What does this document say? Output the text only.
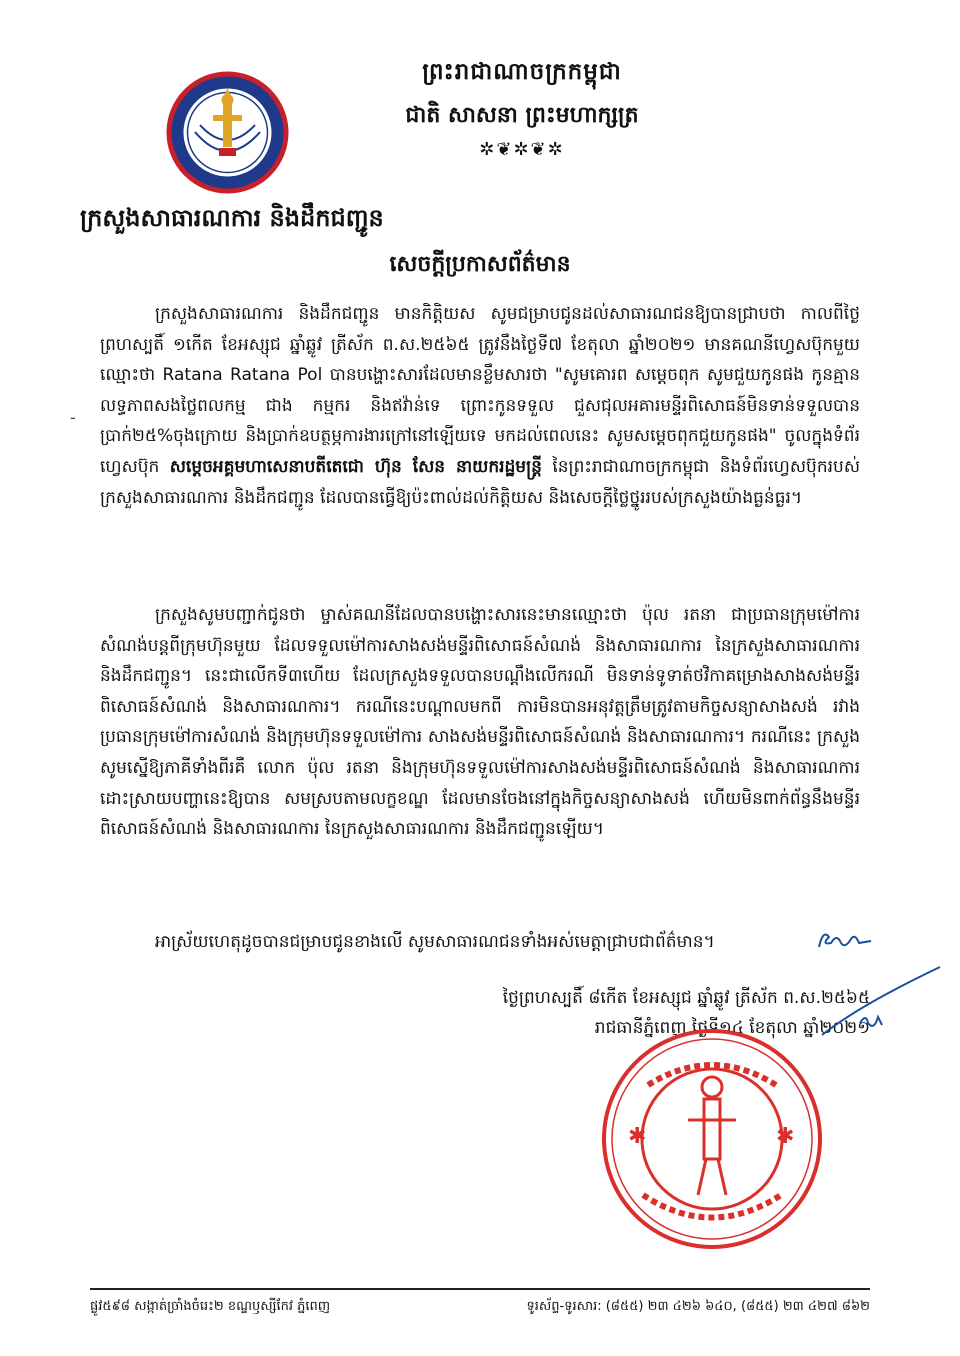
ព្រះរាជាណាចក្រកម្ពុជា
ជាតិ សាសនា ព្រះមហាក្សត្រ
✲❦✲❦✲
ក្រសួងសាធារណការ និងដឹកជញ្ជូន
សេចក្តីប្រកាសព័ត៌មាន
-
ក្រសួងសាធារណការ និងដឹកជញ្ជូន មានកិត្តិយស សូមជម្រាបជូនដល់សាធារណជនឱ្យបានជ្រាបថា កាលពីថ្ងៃព្រហស្បតិ៍ ១កើត ខែអស្សុជ ឆ្នាំឆ្លូវ ត្រីស័ក ព.ស.២៥៦៥ ត្រូវនឹងថ្ងៃទី៧ ខែតុលា ឆ្នាំ២០២១ មានគណនីហ្វេសប៊ុកមួយឈ្មោះថា Ratana Ratana Pol បានបង្ហោះសារដែលមានខ្លឹមសារថា "សូមគោរព សម្តេចពុក សូមជួយកូនផង កូនគ្មានលទ្ធភាពសងថ្លៃពលកម្ម ជាង កម្មករ និងឥវ៉ាន់ទេ ព្រោះកូនទទួល ជួសជុលអគារមន្ទីរពិសោធន៍មិនទាន់ទទួលបានប្រាក់២៥%ចុងក្រោយ និងប្រាក់ឧបត្ថម្ភការងារក្រៅនៅឡើយទេ មកដល់ពេលនេះ សូមសម្តេចពុកជួយកូនផង" ចូលក្នុងទំព័រហ្វេសប៊ុក សម្តេចអគ្គមហាសេនាបតីតេជោ ហ៊ុន សែន នាយករដ្ឋមន្ត្រី នៃព្រះរាជាណាចក្រកម្ពុជា និងទំព័រហ្វេសប៊ុករបស់ក្រសួងសាធារណការ និងដឹកជញ្ជូន ដែលបានធ្វើឱ្យប៉ះពាល់ដល់កិត្តិយស និងសេចក្តីថ្លៃថ្នូររបស់ក្រសួងយ៉ាងធ្ងន់ធ្ងរ។
ក្រសួងសូមបញ្ជាក់ជូនថា ម្ចាស់គណនីដែលបានបង្ហោះសារនេះមានឈ្មោះថា ប៉ុល រតនា ជាប្រធានក្រុមម៉ៅការសំណង់បន្តពីក្រុមហ៊ុនមួយ ដែលទទួលម៉ៅការសាងសង់មន្ទីរពិសោធន៍សំណង់ និងសាធារណការ នៃក្រសួងសាធារណការ និងដឹកជញ្ជូន។ នេះជាលើកទី៣ហើយ ដែលក្រសួងទទួលបានបណ្តឹងលើករណី មិនទាន់ទូទាត់ថវិកាគម្រោងសាងសង់មន្ទីរពិសោធន៍សំណង់ និងសាធារណការ។ ករណីនេះបណ្តាលមកពី ការមិនបានអនុវត្តត្រឹមត្រូវតាមកិច្ចសន្យាសាងសង់ រវាងប្រធានក្រុមម៉ៅការសំណង់ និងក្រុមហ៊ុនទទួលម៉ៅការ សាងសង់មន្ទីរពិសោធន៍សំណង់ និងសាធារណការ។ ករណីនេះ ក្រសួងសូមស្នើឱ្យភាគីទាំងពីរគឺ លោក ប៉ុល រតនា និងក្រុមហ៊ុនទទួលម៉ៅការសាងសង់មន្ទីរពិសោធន៍សំណង់ និងសាធារណការ ដោះស្រាយបញ្ហានេះឱ្យបាន សមស្របតាមលក្ខខណ្ឌ ដែលមានចែងនៅក្នុងកិច្ចសន្យាសាងសង់ ហើយមិនពាក់ព័ន្ធនឹងមន្ទីរពិសោធន៍សំណង់ និងសាធារណការ នៃក្រសួងសាធារណការ និងដឹកជញ្ជូនឡើយ។
អាស្រ័យហេតុដូចបានជម្រាបជូនខាងលើ សូមសាធារណជនទាំងអស់មេត្តាជ្រាបជាព័ត៌មាន។
ថ្ងៃព្រហស្បតិ៍ ៨កើត ខែអស្សុជ ឆ្នាំឆ្លូវ ត្រីស័ក ព.ស.២៥៦៥
រាជធានីភ្នំពេញ ថ្ងៃទី១៤ ខែតុលា ឆ្នាំ២០២១
✱	✱
ផ្លូវ៥៩៨ សង្កាត់ច្រាំងចំរេះ២ ខណ្ឌឫស្សីកែវ ភ្នំពេញ	ទូរស័ព្ទ-ទូរសារ: (៨៥៥) ២៣ ៤២៦ ៦៤០, (៨៥៥) ២៣ ៤២៧ ៨៦២
